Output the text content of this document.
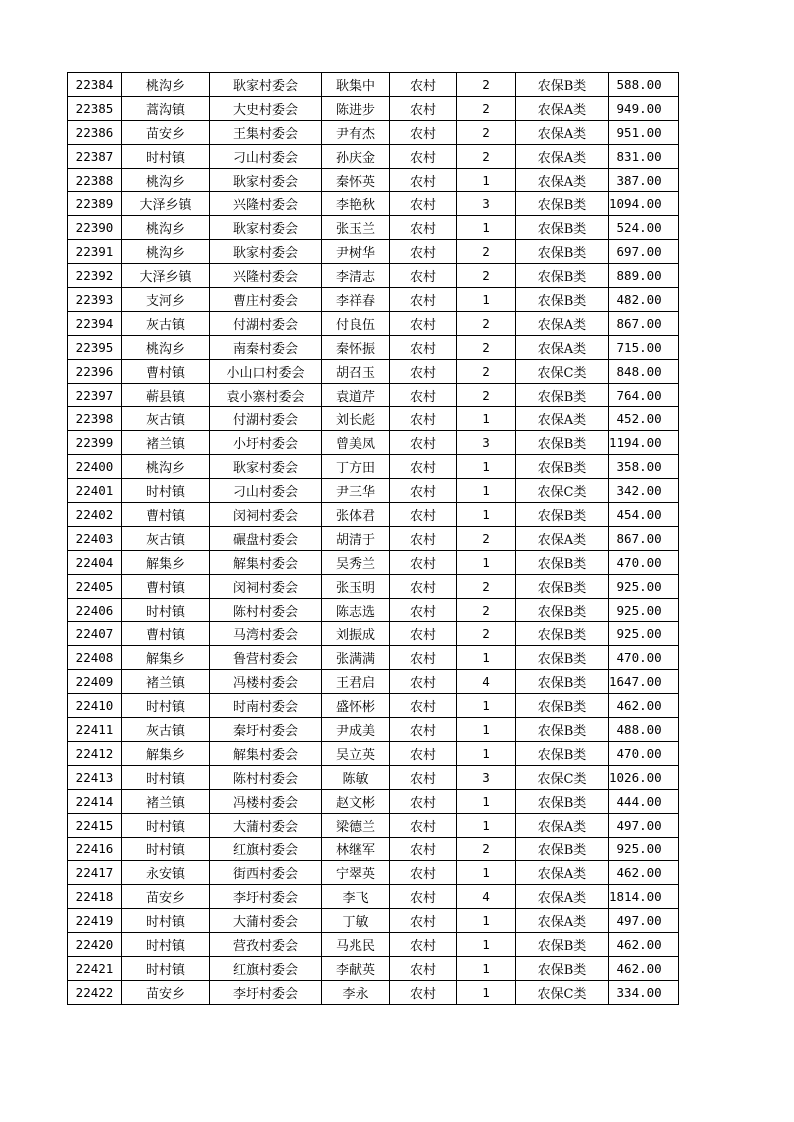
22384	桃沟乡	耿家村委会	耿集中	农村	2	农保B类	588.00
22385	蒿沟镇	大史村委会	陈进步	农村	2	农保A类	949.00
22386	苗安乡	王集村委会	尹有杰	农村	2	农保A类	951.00
22387	时村镇	刁山村委会	孙庆金	农村	2	农保A类	831.00
22388	桃沟乡	耿家村委会	秦怀英	农村	1	农保A类	387.00
22389	大泽乡镇	兴隆村委会	李艳秋	农村	3	农保B类	1094.00
22390	桃沟乡	耿家村委会	张玉兰	农村	1	农保B类	524.00
22391	桃沟乡	耿家村委会	尹树华	农村	2	农保B类	697.00
22392	大泽乡镇	兴隆村委会	李清志	农村	2	农保B类	889.00
22393	支河乡	曹庄村委会	李祥春	农村	1	农保B类	482.00
22394	灰古镇	付湖村委会	付良伍	农村	2	农保A类	867.00
22395	桃沟乡	南秦村委会	秦怀振	农村	2	农保A类	715.00
22396	曹村镇	小山口村委会	胡召玉	农村	2	农保C类	848.00
22397	蕲县镇	袁小寨村委会	袁道芹	农村	2	农保B类	764.00
22398	灰古镇	付湖村委会	刘长彪	农村	1	农保A类	452.00
22399	褚兰镇	小圩村委会	曾美凤	农村	3	农保B类	1194.00
22400	桃沟乡	耿家村委会	丁方田	农村	1	农保B类	358.00
22401	时村镇	刁山村委会	尹三华	农村	1	农保C类	342.00
22402	曹村镇	闵祠村委会	张体君	农村	1	农保B类	454.00
22403	灰古镇	碾盘村委会	胡清于	农村	2	农保A类	867.00
22404	解集乡	解集村委会	吴秀兰	农村	1	农保B类	470.00
22405	曹村镇	闵祠村委会	张玉明	农村	2	农保B类	925.00
22406	时村镇	陈村村委会	陈志选	农村	2	农保B类	925.00
22407	曹村镇	马湾村委会	刘振成	农村	2	农保B类	925.00
22408	解集乡	鲁营村委会	张满满	农村	1	农保B类	470.00
22409	褚兰镇	冯楼村委会	王君启	农村	4	农保B类	1647.00
22410	时村镇	时南村委会	盛怀彬	农村	1	农保B类	462.00
22411	灰古镇	秦圩村委会	尹成美	农村	1	农保B类	488.00
22412	解集乡	解集村委会	吴立英	农村	1	农保B类	470.00
22413	时村镇	陈村村委会	陈敏	农村	3	农保C类	1026.00
22414	褚兰镇	冯楼村委会	赵文彬	农村	1	农保B类	444.00
22415	时村镇	大蒲村委会	梁德兰	农村	1	农保A类	497.00
22416	时村镇	红旗村委会	林继军	农村	2	农保B类	925.00
22417	永安镇	街西村委会	宁翠英	农村	1	农保A类	462.00
22418	苗安乡	李圩村委会	李飞	农村	4	农保A类	1814.00
22419	时村镇	大蒲村委会	丁敏	农村	1	农保A类	497.00
22420	时村镇	营孜村委会	马兆民	农村	1	农保B类	462.00
22421	时村镇	红旗村委会	李献英	农村	1	农保B类	462.00
22422	苗安乡	李圩村委会	李永	农村	1	农保C类	334.00
